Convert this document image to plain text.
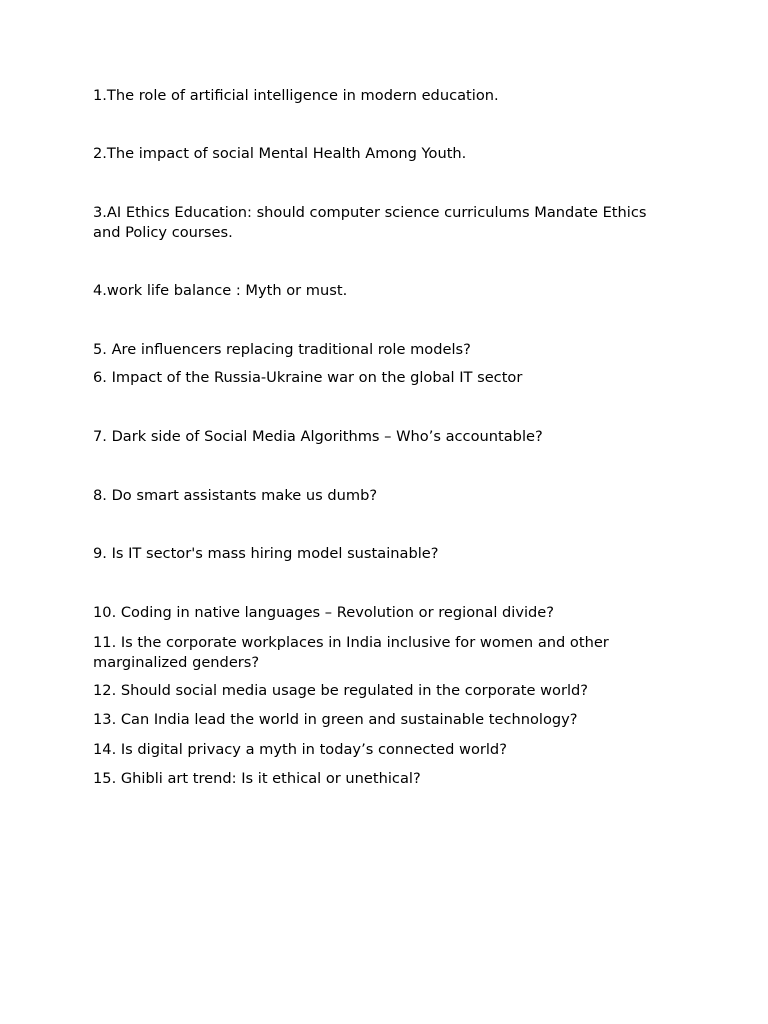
1.The role of artificial intelligence in modern education.
2.The impact of social Mental Health Among Youth.
3.AI Ethics Education: should computer science curriculums Mandate Ethics and Policy courses.
4.work life balance : Myth or must.
5. Are influencers replacing traditional role models?
6. Impact of the Russia-Ukraine war on the global IT sector
7. Dark side of Social Media Algorithms – Who’s accountable?
8. Do smart assistants make us dumb?
9. Is IT sector's mass hiring model sustainable?
10. Coding in native languages – Revolution or regional divide?
11. Is the corporate workplaces in India inclusive for women and other marginalized genders?
12. Should social media usage be regulated in the corporate world?
13. Can India lead the world in green and sustainable technology?
14. Is digital privacy a myth in today’s connected world?
15. Ghibli art trend: Is it ethical or unethical?
